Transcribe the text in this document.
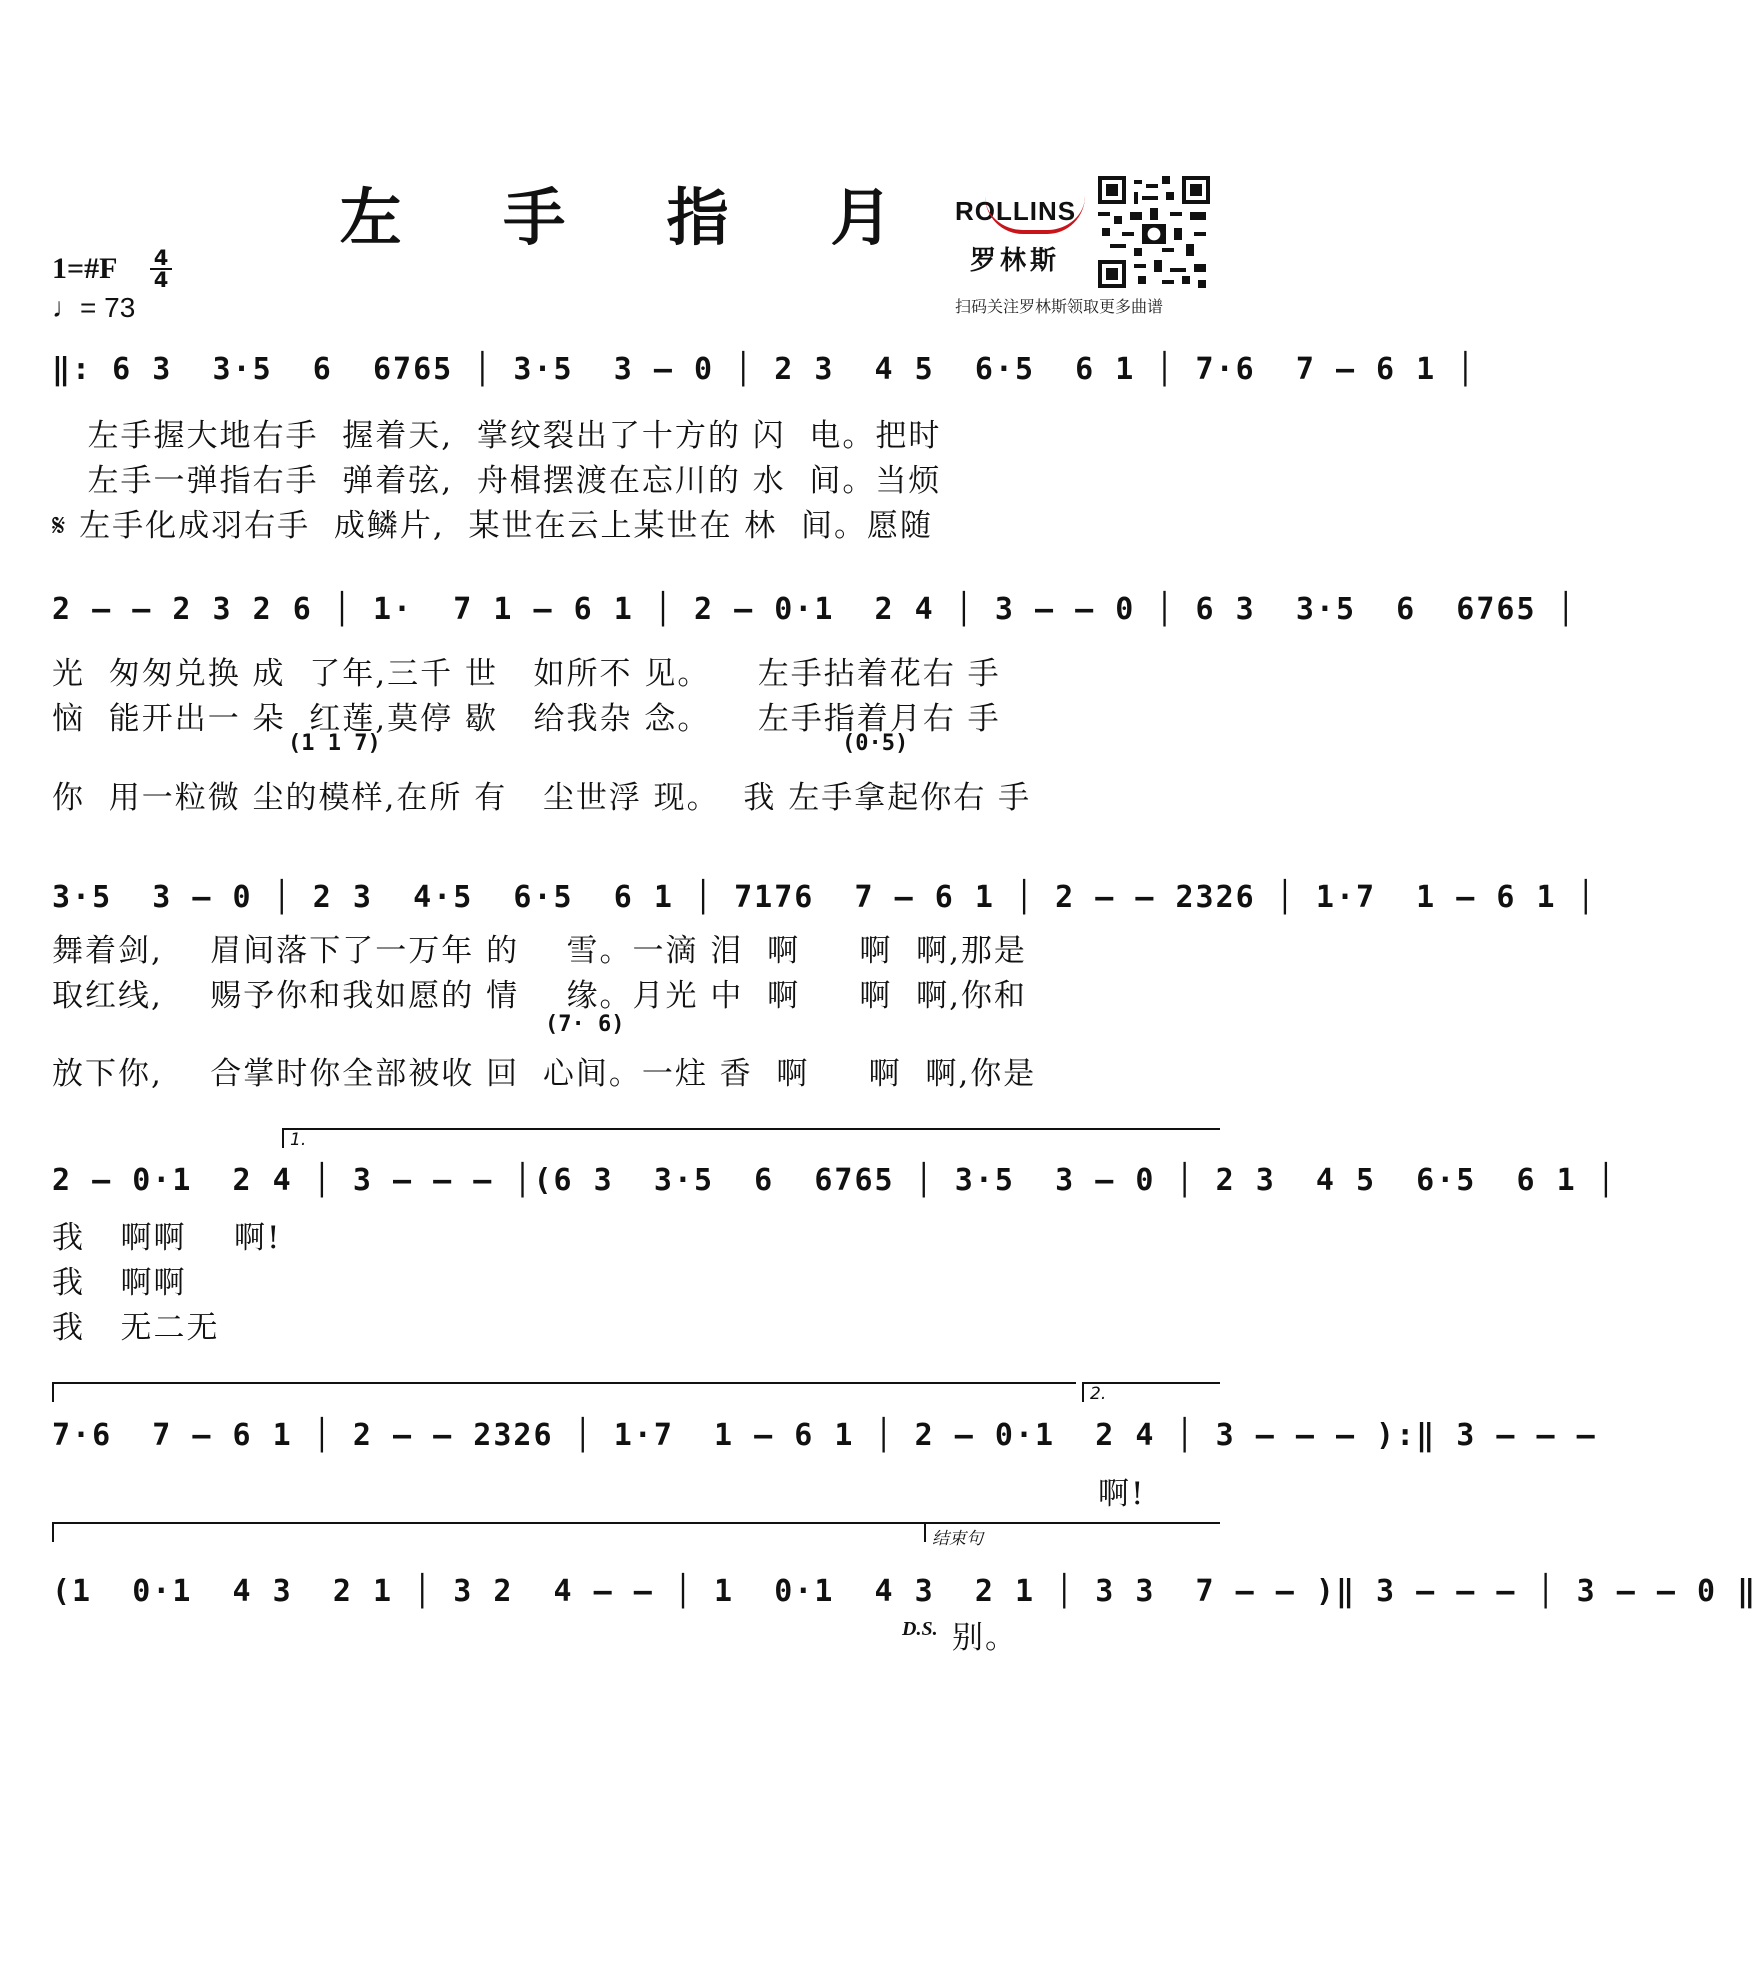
左 手 指 月
1=#F 4
4
♩= 73
ROLLINS
罗林斯
扫码关注罗林斯领取更多曲谱
‖: 6 3  3·5  6  6765 │ 3·5  3 – 0 │ 2 3  4 5  6·5  6 1 │ 7·6  7 – 6 1 │
左手握大地右手  握着天,  掌纹裂出了十方的 闪  电。把时
左手一弹指右手  弹着弦,  舟楫摆渡在忘川的 水  间。当烦
𝄋 左手化成羽右手  成鳞片,  某世在云上某世在 林  间。愿随
2 – – 2 3 2 6 │ 1·  7 1 – 6 1 │ 2 – 0·1  2 4 │ 3 – – 0 │ 6 3  3·5  6  6765 │
光  匆匆兑换 成  了年,三千 世   如所不 见。    左手拈着花右 手
恼  能开出一 朵  红莲,莫停 歇   给我杂 念。    左手指着月右 手
(1 1 7)	(0·5)
你  用一粒微 尘的模样,在所 有   尘世浮 现。  我 左手拿起你右 手
3·5  3 – 0 │ 2 3  4·5  6·5  6 1 │ 7176  7 – 6 1 │ 2 – – 2326 │ 1·7  1 – 6 1 │
舞着剑,    眉间落下了一万年 的    雪。一滴 泪  啊     啊  啊,那是
取红线,    赐予你和我如愿的 情    缘。月光 中  啊     啊  啊,你和
(7· 6)
放下你,    合掌时你全部被收 回  心间。一炷 香  啊     啊  啊,你是
1.
2 – 0·1  2 4 │ 3 – – – │(6 3  3·5  6  6765 │ 3·5  3 – 0 │ 2 3  4 5  6·5  6 1 │
我   啊啊    啊!
我   啊啊
我   无二无
2.
7·6  7 – 6 1 │ 2 – – 2326 │ 1·7  1 – 6 1 │ 2 – 0·1  2 4 │ 3 – – – ):‖ 3 – – –
啊!
结束句
(1  0·1  4 3  2 1 │ 3 2  4 – – │ 1  0·1  4 3  2 1 │ 3 3  7 – – )‖ 3 – – – │ 3 – – 0 ‖
D.S. 别。
